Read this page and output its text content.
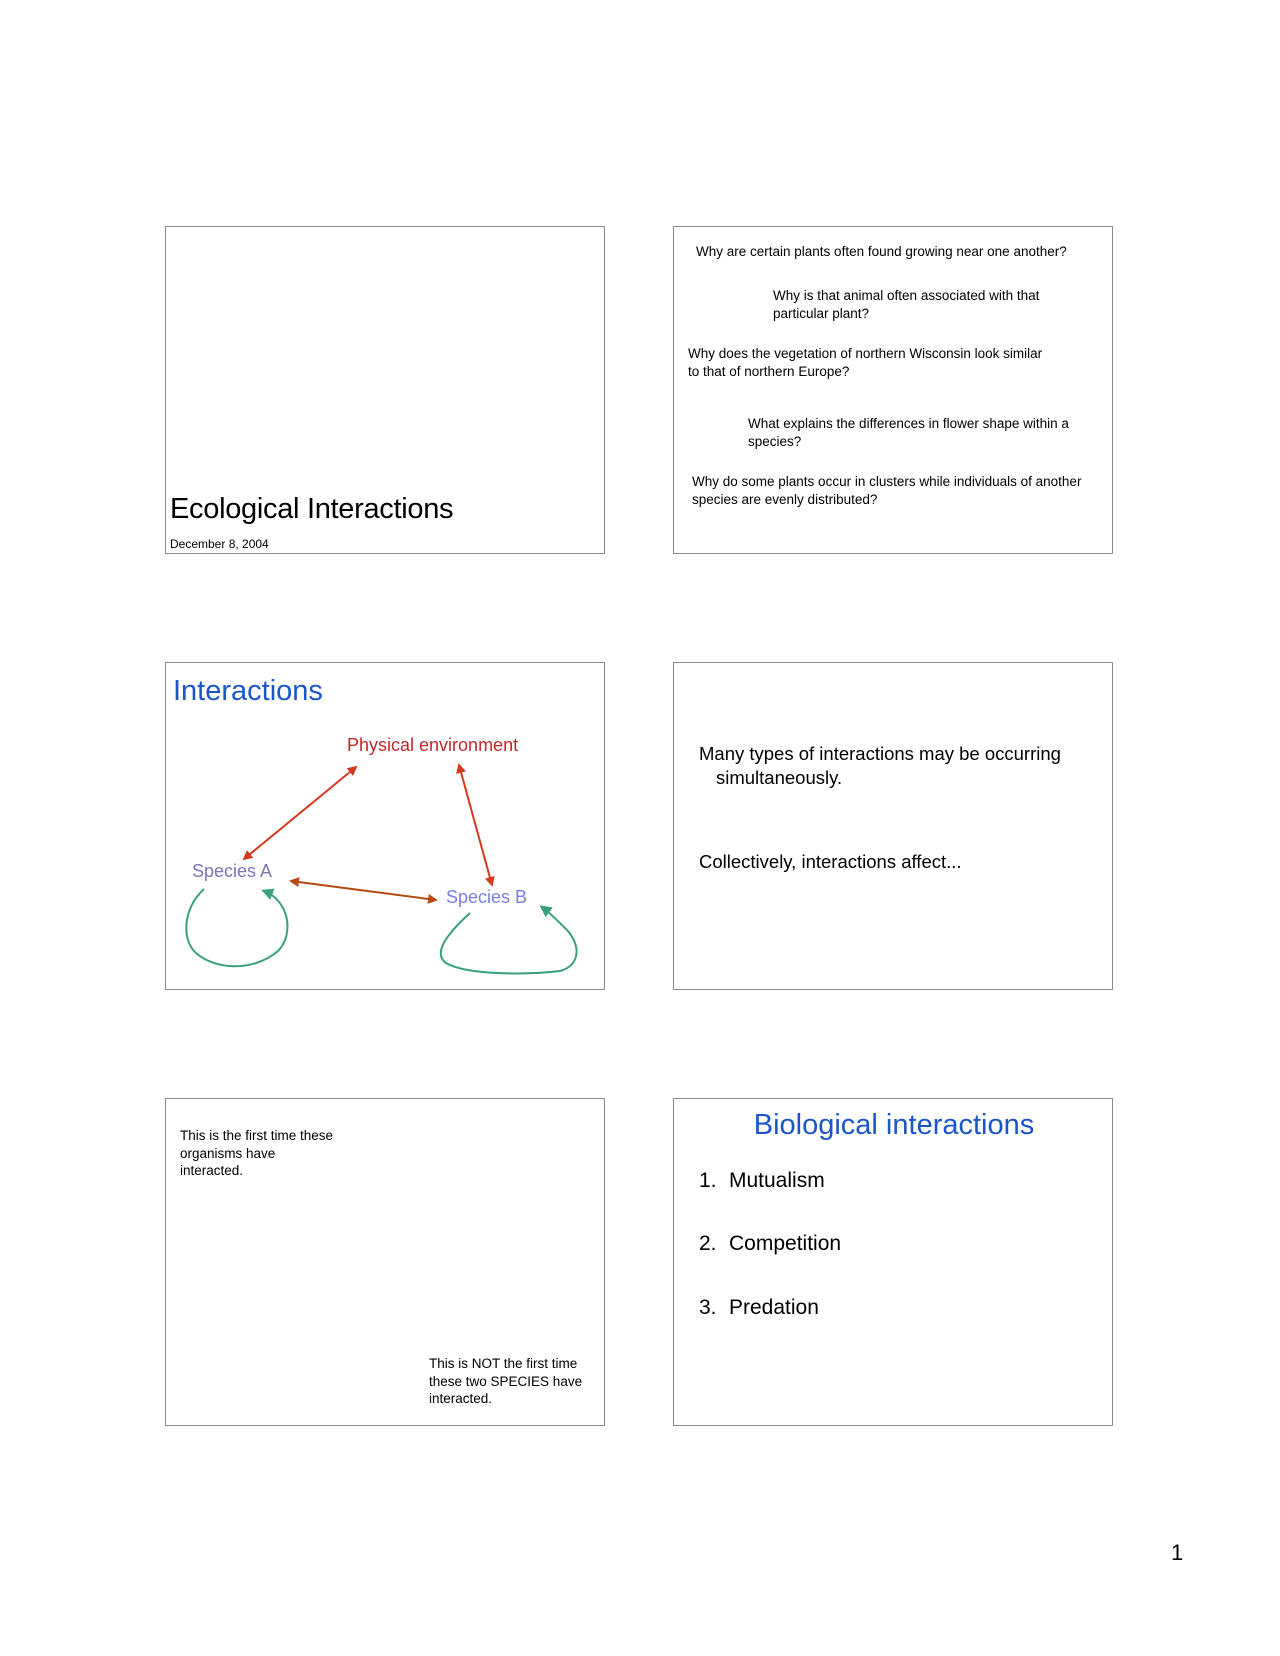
Ecological Interactions
December 8, 2004
Why are certain plants often found growing near one another?
Why is that animal often associated with that particular plant?
Why does the vegetation of northern Wisconsin look similar to that of northern Europe?
What explains the differences in flower shape within a species?
Why do some plants occur in clusters while individuals of another species are evenly distributed?
Interactions
Physical environment
Species A
Species B
Many types of interactions may be occurring
simultaneously.
Collectively, interactions affect...
This is the first time these organisms have interacted.
This is NOT the first time these two SPECIES have interacted.
Biological interactions
1. Mutualism
2. Competition
3. Predation
1
